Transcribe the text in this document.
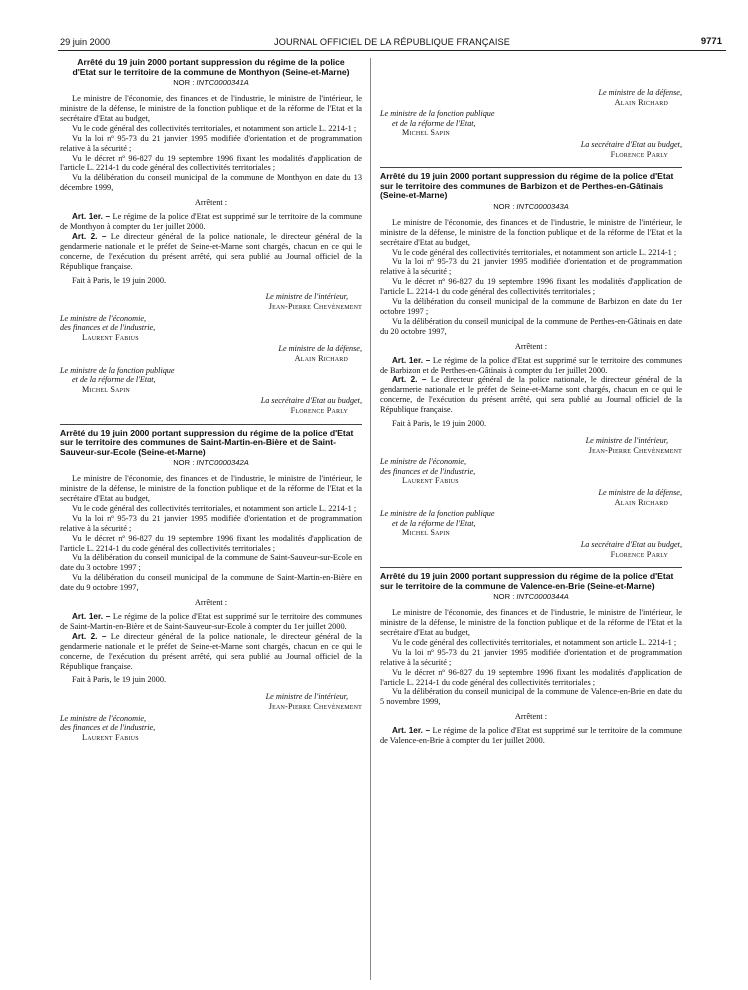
29 juin 2000	JOURNAL OFFICIEL DE LA RÉPUBLIQUE FRANÇAISE	9771
Arrêté du 19 juin 2000 portant suppression du régime de la police d'Etat sur le territoire de la commune de Monthyon (Seine-et-Marne)
NOR : INTC0000341A

Le ministre de l'économie, des finances et de l'industrie, le ministre de l'intérieur, le ministre de la défense, le ministre de la fonction publique et de la réforme de l'Etat et la secrétaire d'Etat au budget,

Vu le code général des collectivités territoriales, et notamment son article L. 2214-1 ;

Vu la loi nº 95-73 du 21 janvier 1995 modifiée d'orientation et de programmation relative à la sécurité ;

Vu le décret nº 96-827 du 19 septembre 1996 fixant les modalités d'application de l'article L. 2214-1 du code général des collectivités territoriales ;

Vu la délibération du conseil municipal de la commune de Monthyon en date du 13 décembre 1999,

Arrêtent :

Art. 1er. – Le régime de la police d'Etat est supprimé sur le territoire de la commune de Monthyon à compter du 1er juillet 2000.

Art. 2. – Le directeur général de la police nationale, le directeur général de la gendarmerie nationale et le préfet de Seine-et-Marne sont chargés, chacun en ce qui le concerne, de l'exécution du présent arrêté, qui sera publié au Journal officiel de la République française.

Fait à Paris, le 19 juin 2000.

Le ministre de l'intérieur,
Jean-Pierre Chevènement
Le ministre de l'économie,
des finances et de l'industrie,
Laurent Fabius
Le ministre de la défense,
Alain Richard
Le ministre de la fonction publique
et de la réforme de l'Etat,
Michel Sapin
La secrétaire d'Etat au budget,
Florence Parly
Arrêté du 19 juin 2000 portant suppression du régime de la police d'Etat sur le territoire des communes de Saint-Martin-en-Bière et de Saint-Sauveur-sur-Ecole (Seine-et-Marne)
NOR : INTC0000342A

Le ministre de l'économie, des finances et de l'industrie, le ministre de l'intérieur, le ministre de la défense, le ministre de la fonction publique et de la réforme de l'Etat et la secrétaire d'Etat au budget,

Vu le code général des collectivités territoriales, et notamment son article L. 2214-1 ;

Vu la loi nº 95-73 du 21 janvier 1995 modifiée d'orientation et de programmation relative à la sécurité ;

Vu le décret nº 96-827 du 19 septembre 1996 fixant les modalités d'application de l'article L. 2214-1 du code général des collectivités territoriales ;

Vu la délibération du conseil municipal de la commune de Saint-Sauveur-sur-Ecole en date du 3 octobre 1997 ;

Vu la délibération du conseil municipal de la commune de Saint-Martin-en-Bière en date du 9 octobre 1997,

Arrêtent :

Art. 1er. – Le régime de la police d'Etat est supprimé sur le territoire des communes de Saint-Martin-en-Bière et de Saint-Sauveur-sur-Ecole à compter du 1er juillet 2000.

Art. 2. – Le directeur général de la police nationale, le directeur général de la gendarmerie nationale et le préfet de Seine-et-Marne sont chargés, chacun en ce qui le concerne, de l'exécution du présent arrêté, qui sera publié au Journal officiel de la République française.

Fait à Paris, le 19 juin 2000.

Le ministre de l'intérieur,
Jean-Pierre Chevènement
Le ministre de l'économie,
des finances et de l'industrie,
Laurent Fabius
Le ministre de la défense,
Alain Richard
Le ministre de la fonction publique
et de la réforme de l'Etat,
Michel Sapin
La secrétaire d'Etat au budget,
Florence Parly
Arrêté du 19 juin 2000 portant suppression du régime de la police d'Etat sur le territoire des communes de Barbizon et de Perthes-en-Gâtinais (Seine-et-Marne)
NOR : INTC0000343A

Le ministre de l'économie, des finances et de l'industrie, le ministre de l'intérieur, le ministre de la défense, le ministre de la fonction publique et de la réforme de l'Etat et la secrétaire d'Etat au budget,

Vu le code général des collectivités territoriales, et notamment son article L. 2214-1 ;

Vu la loi nº 95-73 du 21 janvier 1995 modifiée d'orientation et de programmation relative à la sécurité ;

Vu le décret nº 96-827 du 19 septembre 1996 fixant les modalités d'application de l'article L. 2214-1 du code général des collectivités territoriales ;

Vu la délibération du conseil municipal de la commune de Barbizon en date du 1er octobre 1997 ;

Vu la délibération du conseil municipal de la commune de Perthes-en-Gâtinais en date du 20 octobre 1997,

Arrêtent :

Art. 1er. – Le régime de la police d'Etat est supprimé sur le territoire des communes de Barbizon et de Perthes-en-Gâtinais à compter du 1er juillet 2000.

Art. 2. – Le directeur général de la police nationale, le directeur général de la gendarmerie nationale et le préfet de Seine-et-Marne sont chargés, chacun en ce qui le concerne, de l'exécution du présent arrêté, qui sera publié au Journal officiel de la République française.

Fait à Paris, le 19 juin 2000.

Le ministre de l'intérieur,
Jean-Pierre Chevènement
Le ministre de l'économie,
des finances et de l'industrie,
Laurent Fabius
Le ministre de la défense,
Alain Richard
Le ministre de la fonction publique
et de la réforme de l'Etat,
Michel Sapin
La secrétaire d'Etat au budget,
Florence Parly
Arrêté du 19 juin 2000 portant suppression du régime de la police d'Etat sur le territoire de la commune de Valence-en-Brie (Seine-et-Marne)
NOR : INTC0000344A

Le ministre de l'économie, des finances et de l'industrie, le ministre de l'intérieur, le ministre de la défense, le ministre de la fonction publique et de la réforme de l'Etat et la secrétaire d'Etat au budget,

Vu le code général des collectivités territoriales, et notamment son article L. 2214-1 ;

Vu la loi nº 95-73 du 21 janvier 1995 modifiée d'orientation et de programmation relative à la sécurité ;

Vu le décret nº 96-827 du 19 septembre 1996 fixant les modalités d'application de l'article L. 2214-1 du code général des collectivités territoriales ;

Vu la délibération du conseil municipal de la commune de Valence-en-Brie en date du 5 novembre 1999,

Arrêtent :

Art. 1er. – Le régime de la police d'Etat est supprimé sur le territoire de la commune de Valence-en-Brie à compter du 1er juillet 2000.
